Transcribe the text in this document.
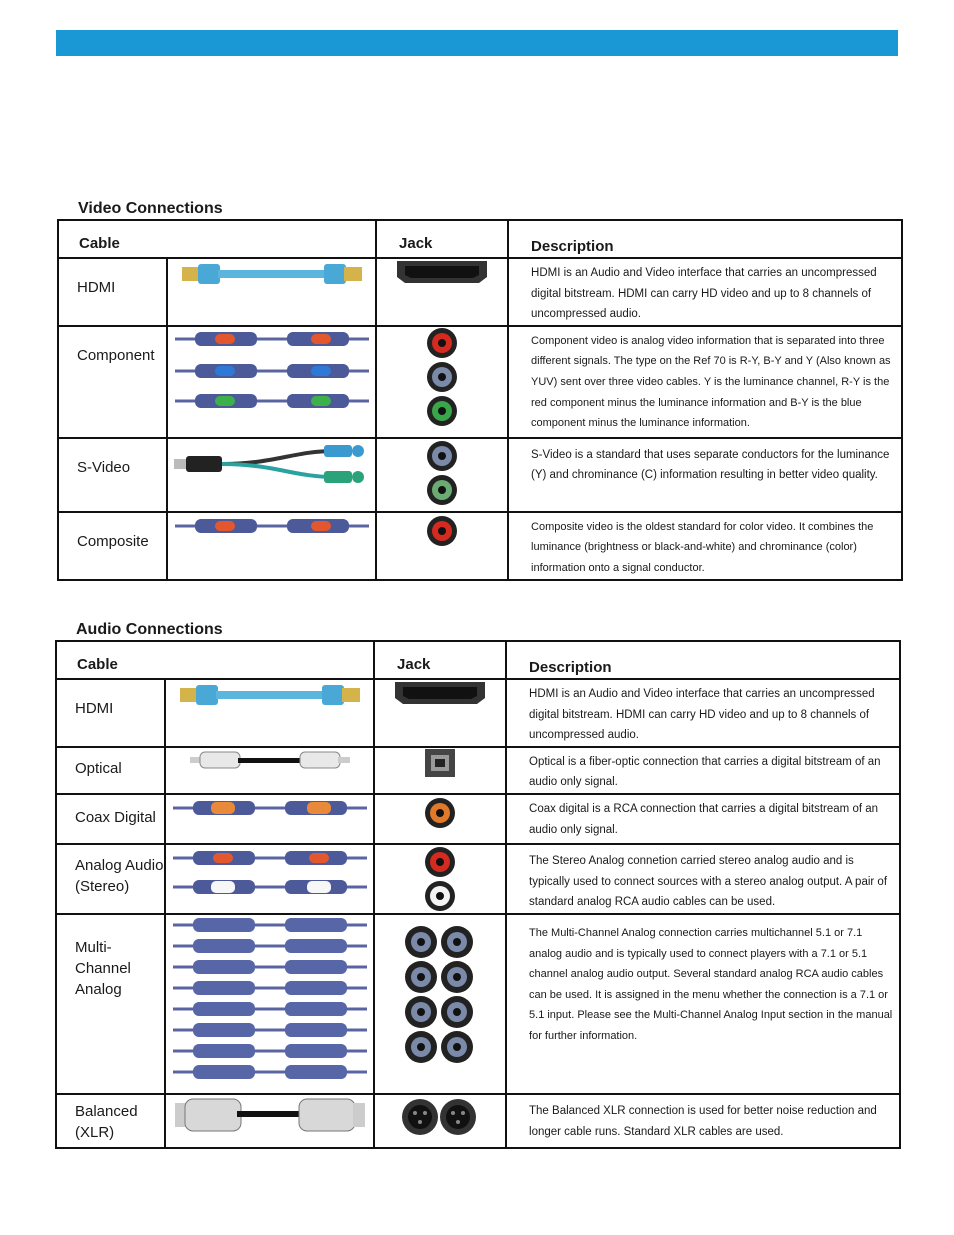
Video Connections
Cable		Jack	Description

HDMI			HDMI is an Audio and Video interface that carries an uncompressed digital bitstream. HDMI can carry HD video and up to 8 channels of uncompressed audio.
Component			Component video is analog video information that is separated into three different signals. The type on the Ref 70 is R-Y, B-Y and Y (Also known as YUV) sent over three video cables. Y is the luminance channel, R-Y is the red component minus the luminance information and B-Y is the blue component minus the luminance information.
S-Video			S-Video is a standard that uses separate conductors for the luminance (Y) and chrominance (C) information resulting in better video quality.
Composite			Composite video is the oldest standard for color video. It combines the luminance (brightness or black-and-white) and chrominance (color) information onto a signal conductor.
Audio Connections
Cable		Jack	Description

HDMI			HDMI is an Audio and Video interface that carries an uncompressed digital bitstream. HDMI can carry HD video and up to 8 channels of uncompressed audio.
Optical			Optical is a fiber-optic connection that carries a digital bitstream of an audio only signal.
Coax Digital			Coax digital is a RCA connection that carries a digital bitstream of an audio only signal.
Analog Audio (Stereo)			The Stereo Analog connetion carried stereo analog audio and is typically used to connect sources with a stereo analog output. A pair of standard analog RCA audio cables can be used.
Multi-Channel Analog			The Multi-Channel Analog connection carries multichannel 5.1 or 7.1 analog audio and is typically used to connect players with a 7.1 or 5.1 channel analog audio output. Several standard analog RCA audio cables can be used. It is assigned in the menu whether the connection is a 7.1 or 5.1 input. Please see the Multi-Channel Analog Input section in the manual for further information.
Balanced (XLR)			The Balanced XLR connection is used for better noise reduction and longer cable runs. Standard XLR cables are used.
